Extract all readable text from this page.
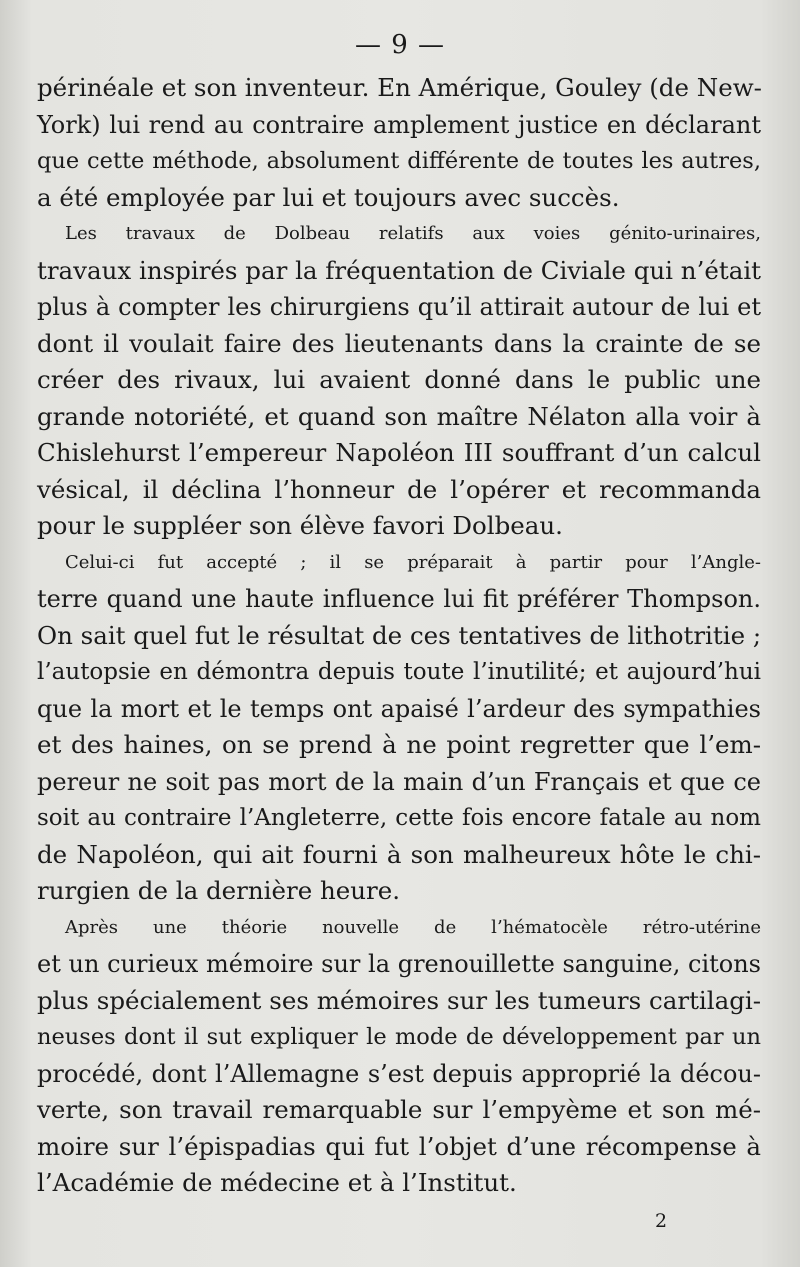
— 9 —
périnéale et son inventeur. En Amérique, Gouley (de New-
York) lui rend au contraire amplement justice en déclarant
que cette méthode, absolument différente de toutes les autres,
a été employée par lui et toujours avec succès.
Les travaux de Dolbeau relatifs aux voies génito-urinaires,
travaux inspirés par la fréquentation de Civiale qui n’était
plus à compter les chirurgiens qu’il attirait autour de lui et
dont il voulait faire des lieutenants dans la crainte de se
créer des rivaux, lui avaient donné dans le public une
grande notoriété, et quand son maître Nélaton alla voir à
Chislehurst l’empereur Napoléon III souffrant d’un calcul
vésical, il déclina l’honneur de l’opérer et recommanda
pour le suppléer son élève favori Dolbeau.
Celui-ci fut accepté ; il se préparait à partir pour l’Angle-
terre quand une haute influence lui fit préférer Thompson.
On sait quel fut le résultat de ces tentatives de lithotritie ;
l’autopsie en démontra depuis toute l’inutilité; et aujourd’hui
que la mort et le temps ont apaisé l’ardeur des sympathies
et des haines, on se prend à ne point regretter que l’em-
pereur ne soit pas mort de la main d’un Français et que ce
soit au contraire l’Angleterre, cette fois encore fatale au nom
de Napoléon, qui ait fourni à son malheureux hôte le chi-
rurgien de la dernière heure.
Après une théorie nouvelle de l’hématocèle rétro-utérine
et un curieux mémoire sur la grenouillette sanguine, citons
plus spécialement ses mémoires sur les tumeurs cartilagi-
neuses dont il sut expliquer le mode de développement par un
procédé, dont l’Allemagne s’est depuis approprié la décou-
verte, son travail remarquable sur l’empyème et son mé-
moire sur l’épispadias qui fut l’objet d’une récompense à
l’Académie de médecine et à l’Institut.
2
